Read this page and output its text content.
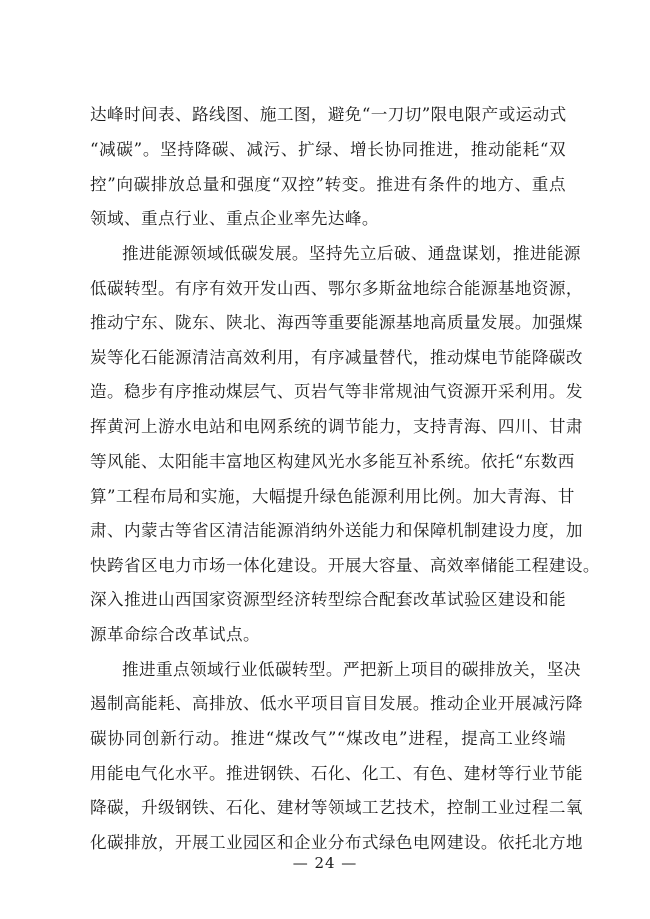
达峰时间表、路线图、施工图，避免“一刀切”限电限产或运动式
“减碳”。坚持降碳、减污、扩绿、增长协同推进，推动能耗“双
控”向碳排放总量和强度“双控”转变。推进有条件的地方、重点
领域、重点行业、重点企业率先达峰。
推进能源领域低碳发展。坚持先立后破、通盘谋划，推进能源
低碳转型。有序有效开发山西、鄂尔多斯盆地综合能源基地资源，
推动宁东、陇东、陕北、海西等重要能源基地高质量发展。加强煤
炭等化石能源清洁高效利用，有序减量替代，推动煤电节能降碳改
造。稳步有序推动煤层气、页岩气等非常规油气资源开采利用。发
挥黄河上游水电站和电网系统的调节能力，支持青海、四川、甘肃
等风能、太阳能丰富地区构建风光水多能互补系统。依托“东数西
算”工程布局和实施，大幅提升绿色能源利用比例。加大青海、甘
肃、内蒙古等省区清洁能源消纳外送能力和保障机制建设力度，加
快跨省区电力市场一体化建设。开展大容量、高效率储能工程建设。
深入推进山西国家资源型经济转型综合配套改革试验区建设和能
源革命综合改革试点。
推进重点领域行业低碳转型。严把新上项目的碳排放关，坚决
遏制高能耗、高排放、低水平项目盲目发展。推动企业开展减污降
碳协同创新行动。推进“煤改气”“煤改电”进程，提高工业终端
用能电气化水平。推进钢铁、石化、化工、有色、建材等行业节能
降碳，升级钢铁、石化、建材等领域工艺技术，控制工业过程二氧
化碳排放，开展工业园区和企业分布式绿色电网建设。依托北方地
— 24 —
